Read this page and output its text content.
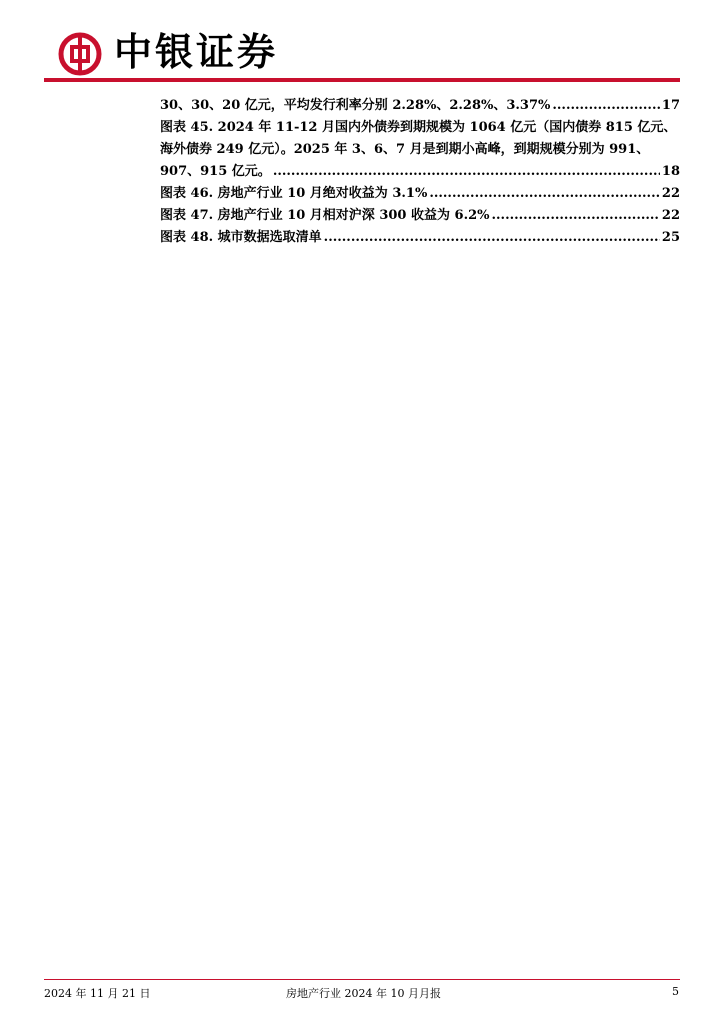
中银证券
30、30、20 亿元，平均发行利率分别 2.28%、2.28%、3.37% .....	17
图表 45. 2024 年 11-12 月国内外债券到期规模为 1064 亿元（国内债券 815 亿元、
海外债券 249 亿元）。2025 年 3、6、7 月是到期小高峰，到期规模分别为 991、
907、915 亿元。 .....	18
图表 46. 房地产行业 10 月绝对收益为 3.1% .....	22
图表 47. 房地产行业 10 月相对沪深 300 收益为 6.2% .....	22
图表 48. 城市数据选取清单 .....	25
2024 年 11 月 21 日	房地产行业 2024 年 10 月月报	5
